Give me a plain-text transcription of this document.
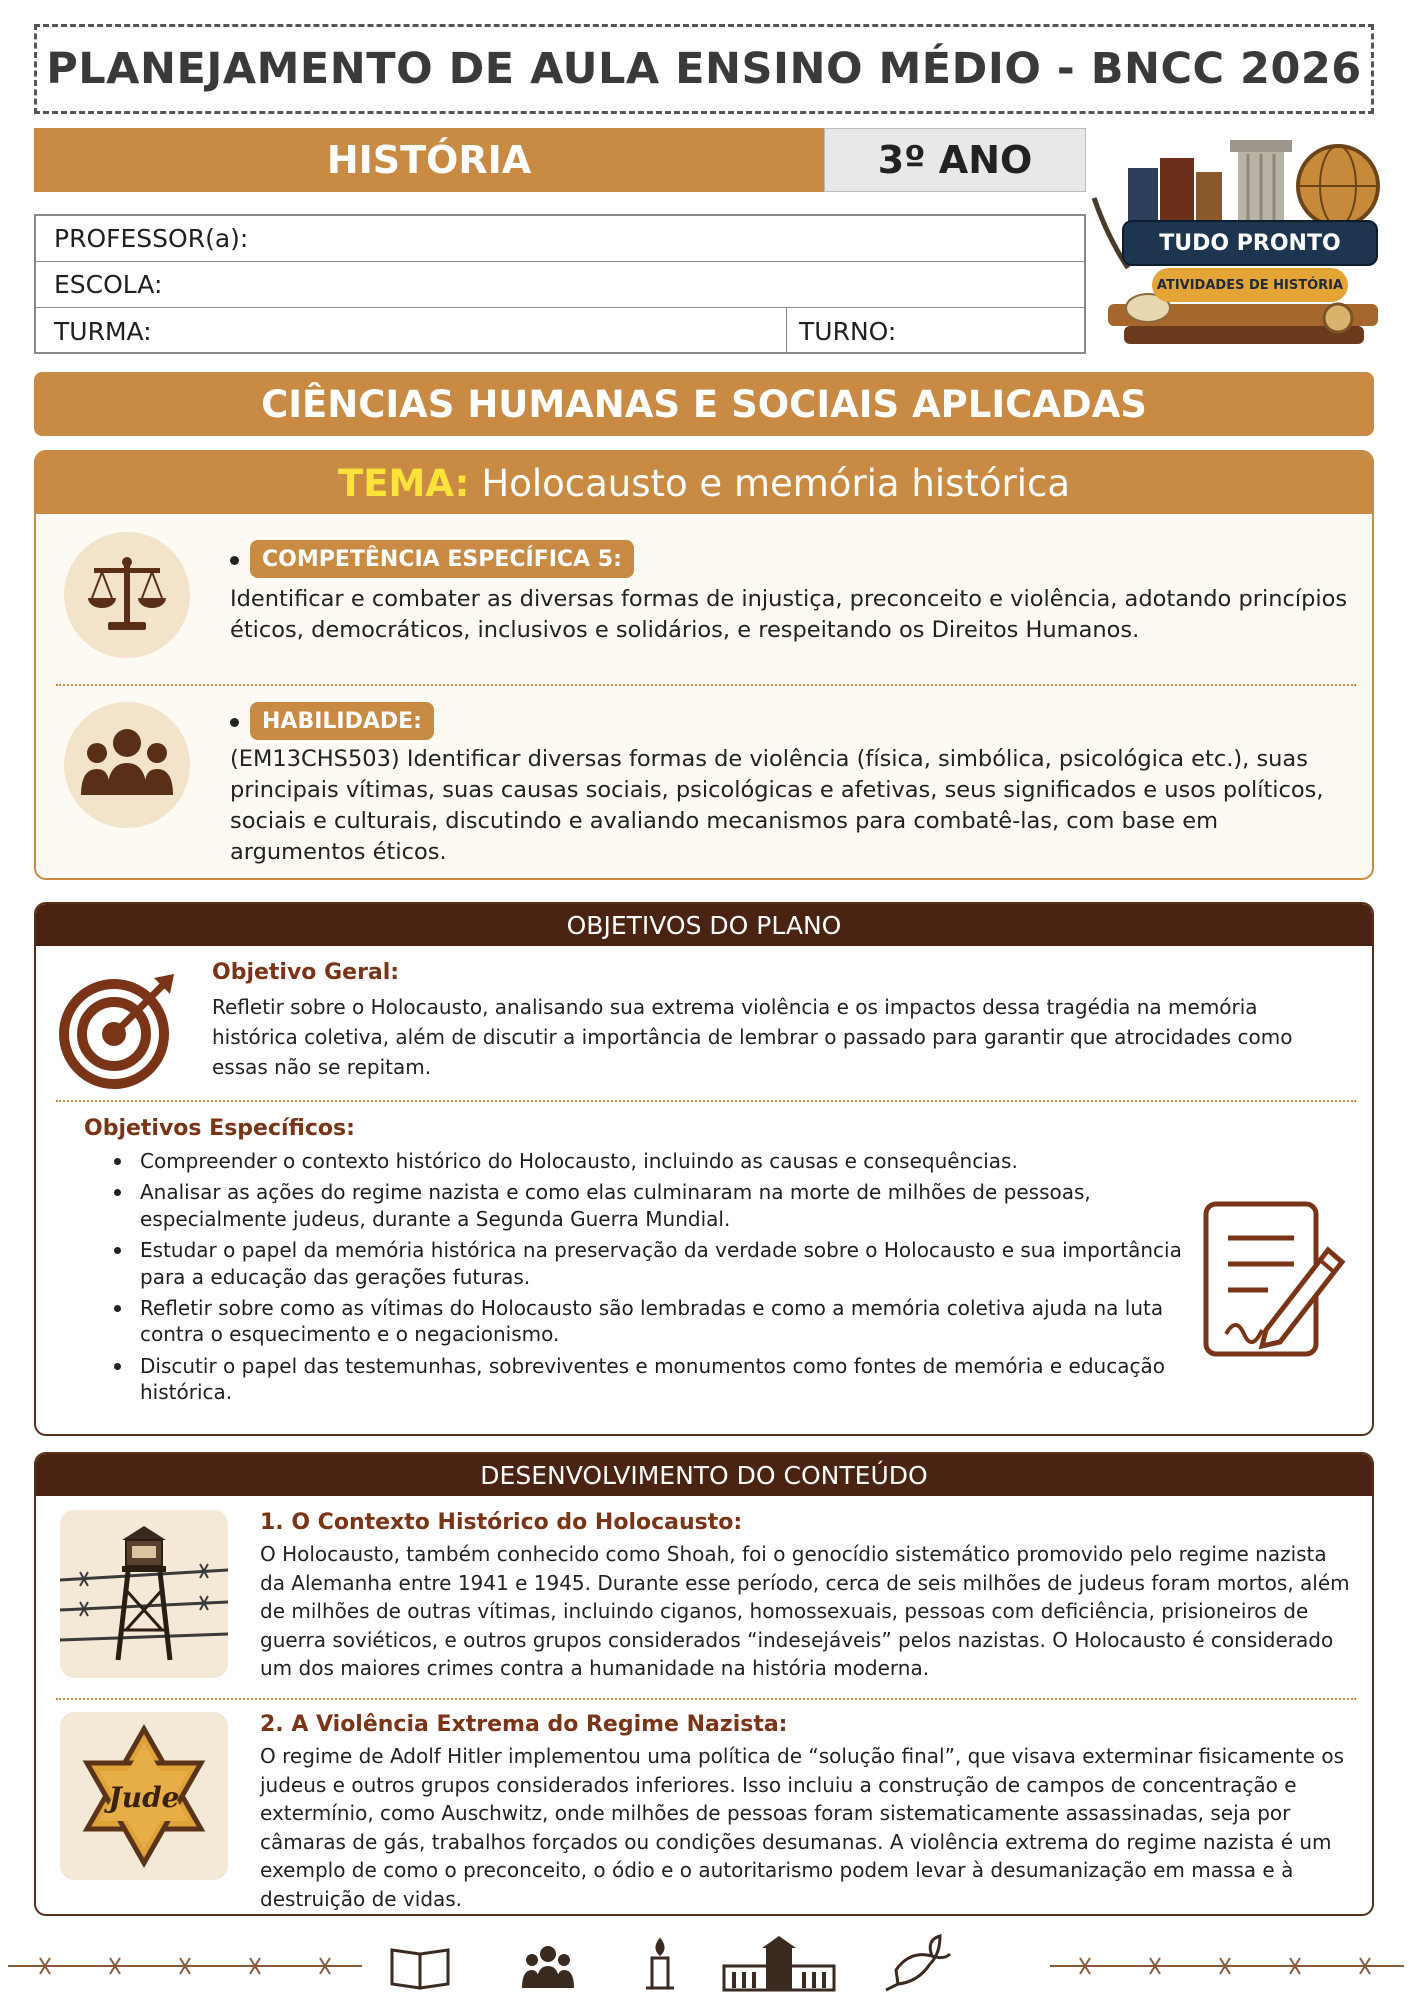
PLANEJAMENTO DE AULA ENSINO MÉDIO - BNCC 2026
HISTÓRIA	3º ANO
PROFESSOR(a):
ESCOLA:
TURMA:	TURNO:
TUDO PRONTO
ATIVIDADES DE HISTÓRIA
CIÊNCIAS HUMANAS E SOCIAIS APLICADAS
TEMA: Holocausto e memória histórica
COMPETÊNCIA ESPECÍFICA 5:
Identificar e combater as diversas formas de injustiça, preconceito e violência, adotando princípios éticos, democráticos, inclusivos e solidários, e respeitando os Direitos Humanos.
HABILIDADE:
(EM13CHS503) Identificar diversas formas de violência (física, simbólica, psicológica etc.), suas principais vítimas, suas causas sociais, psicológicas e afetivas, seus significados e usos políticos, sociais e culturais, discutindo e avaliando mecanismos para combatê-las, com base em argumentos éticos.
OBJETIVOS DO PLANO
Objetivo Geral:
Refletir sobre o Holocausto, analisando sua extrema violência e os impactos dessa tragédia na memória histórica coletiva, além de discutir a importância de lembrar o passado para garantir que atrocidades como essas não se repitam.
Objetivos Específicos:
Compreender o contexto histórico do Holocausto, incluindo as causas e consequências.
Analisar as ações do regime nazista e como elas culminaram na morte de milhões de pessoas, especialmente judeus, durante a Segunda Guerra Mundial.
Estudar o papel da memória histórica na preservação da verdade sobre o Holocausto e sua importância para a educação das gerações futuras.
Refletir sobre como as vítimas do Holocausto são lembradas e como a memória coletiva ajuda na luta contra o esquecimento e o negacionismo.
Discutir o papel das testemunhas, sobreviventes e monumentos como fontes de memória e educação histórica.
DESENVOLVIMENTO DO CONTEÚDO
1. O Contexto Histórico do Holocausto:
O Holocausto, também conhecido como Shoah, foi o genocídio sistemático promovido pelo regime nazista da Alemanha entre 1941 e 1945. Durante esse período, cerca de seis milhões de judeus foram mortos, além de milhões de outras vítimas, incluindo ciganos, homossexuais, pessoas com deficiência, prisioneiros de guerra soviéticos, e outros grupos considerados “indesejáveis” pelos nazistas. O Holocausto é considerado um dos maiores crimes contra a humanidade na história moderna.
Jude
2. A Violência Extrema do Regime Nazista:
O regime de Adolf Hitler implementou uma política de “solução final”, que visava exterminar fisicamente os judeus e outros grupos considerados inferiores. Isso incluiu a construção de campos de concentração e extermínio, como Auschwitz, onde milhões de pessoas foram sistematicamente assassinadas, seja por câmaras de gás, trabalhos forçados ou condições desumanas. A violência extrema do regime nazista é um exemplo de como o preconceito, o ódio e o autoritarismo podem levar à desumanização em massa e à destruição de vidas.
